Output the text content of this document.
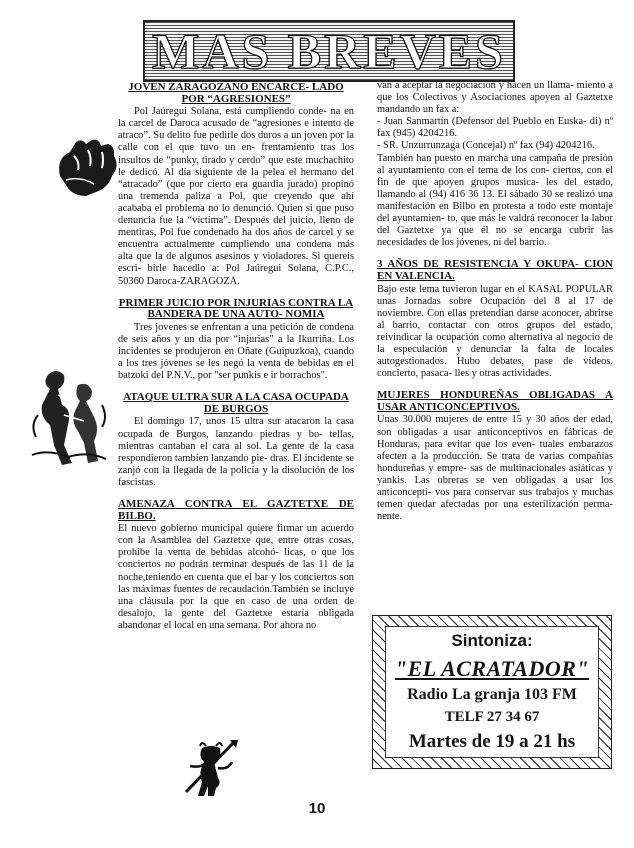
MAS BREVES
JOVEN ZARAGOZANO ENCARCE- LADO POR “AGRESIONES”

Pol Jaúregui Solana, está cumpliendo conde- na en la carcel de Daroca acusado de “agresiones e intento de atraco”. Su delito fue pedirle dos duros a un joven por la calle con el que tuvo un en- frentamiento tras los insultos de “punky, tirado y cerdo” que este muchachito le dedicó. Al día siguiente de la pelea el hermano del “atracado” (que por cierto era guardia jurado) propinó una tremenda paliza a Pol, que creyendo que ahí acababa el problema no lo denunció. Quien si que puso denuncia fue la “víctima”. Después del juicio, lleno de mentiras, Pol fue condenado ha dos años de carcel y se encuentra actualmente cumpliendo una condena más alta que la de algunos asesinos y violadores. Si quereis escri- birle hacedlo a: Pol Jaúregui Solana, C.P.C., 50360 Daroca-ZARAGOZA.

PRIMER JUICIO POR INJURIAS CONTRA LA BANDERA DE UNA AUTO- NOMIA

Tres jovenes se enfrentan a una petición de condena de seis años y un día por “injurias” a la Ikurriña. Los incidentes se produjeron en Oñate (Guipuzkoa), cuando a los tres jóvenes se les negó la venta de bebidas en el batzoki del P.N.V., por "ser punkis e ir borrachos".

ATAQUE ULTRA SUR A LA CASA OCUPADA DE BURGOS

El domingo 17, unos 15 ultra sur atacaron la casa ocupada de Burgos, lanzando piedras y bo- tellas, mientras cantaban el cara al sol. La gente de la casa respondieron tambien lanzando pie- dras. El incidente se zanjó con la llegada de la policía y la disolución de los fascistas.

AMENAZA CONTRA EL GAZTETXE DE BILBO.

El nuevo gobierno municipal quiere firmar un acuerdo con la Asamblea del Gaztetxe que, entre otras cosas, prohíbe la venta de bebidas alcohó- licas, o que los conciertos no podrán terminar después de las 11 de la noche,teniendo en cuenta que el bar y los conciertos son las máximas fuentes de recaudación.También se incluye una cláusula por la que en caso de una orden de desalojo, la gente del Gaztetxe estaría obligada abandonar el local en una semana. Por ahora no

van a aceptar la negociación y hacen un llama- miento a que los Colectivos y Asociaciones apoyen al Gaztetxe mandando un fax a:

- Juan Sanmartín (Defensor del Pueblo en Euska- di) nº fax (945) 4204216.

- SR. Unzurrunzaga (Concejal) nº fax (94) 4204216.

También han puesto en marcha una campaña de presión al ayuntamiento con el tema de los con- ciertos, con el fin de que apoyen grupos musica- les del estado, llamando al (94) 416 36 13. El sábado 30 se realizó una manifestación en Bilbo en protesta a todo este montaje del ayuntamien- to, que más le valdrá reconocer la labor del Gaztetxe ya que él no se encarga cubrir las necesidades de los jóvenes, ni del barrio.

3 AÑOS DE RESISTENCIA Y OKUPA- CION EN VALENCIA.

Bajo este lema tuvieron lugar en el KASAL POPULAR unas Jornadas sobre Ocupación del 8 al 17 de noviembre. Con ellas pretendían darse aconocer, abrirse al barrio, contactar con otros grupos del estado, reivindicar la ocupación como alternativa al negocio de la especulación y denunciar la falta de locales autogestionados. Hubo debates, pase de vídeos, concierto, pasaca- lles y otras actividades.

MUJERES HONDUREÑAS OBLIGADAS A USAR ANTICONCEPTIVOS.

Unas 30.000 mujeres de entre 15 y 30 años der edad, son obligadas a usar anticonceptivos en fábricas de Honduras, para evitar que los even- tuales embarazos afecten a la producción. Se trata de varias compañías hondureñas y empre- sas de multinacionales asiáticas y yankis. Las obreras se ven obligadas a usar los anticoncepti- vos para conservar sus trabajos y muchas temen quedar afectadas por una esterilización perma- nente.

Sintoniza:
"EL ACRATADOR"
Radio La granja 103 FM
TELF 27 34 67
Martes de 19 a 21 hs
10
